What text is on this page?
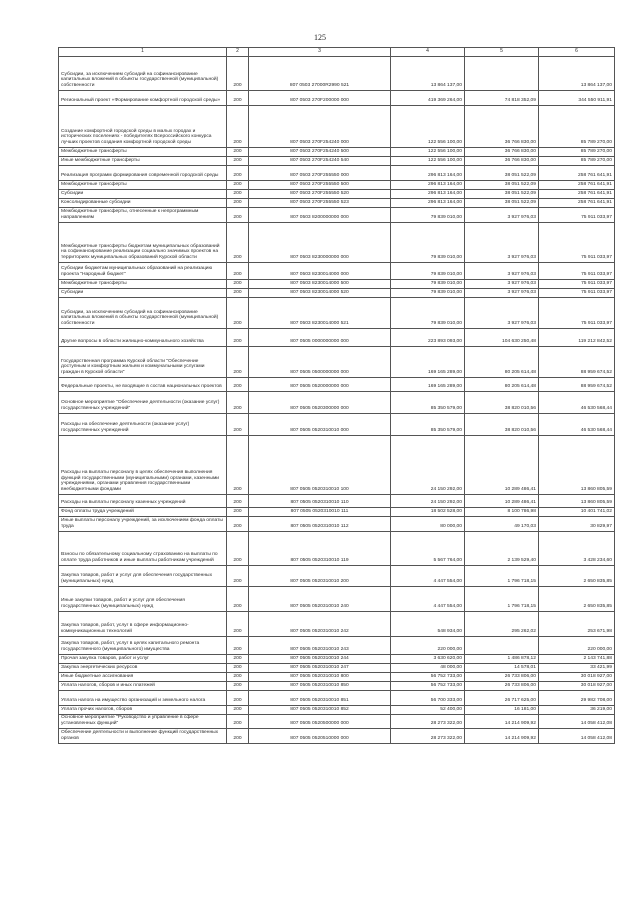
125
1	2	3	4	5	6
Субсидии, за исключением субсидий на софинансирование капитальных вложений в объекты государственной (муниципальной) собственности	200	807 0503 27000R2990 521	13 864 137,00		13 864 137,00
Региональный проект «Формирование комфортной городской среды»	200	807 0503 270F200000 000	419 369 264,00	74 818 352,09	344 550 911,91
Создание комфортной городской среды в малых городах и исторических поселениях - победителях Всероссийского конкурса лучших проектов создания комфортной городской среды	200	807 0503 270F254240 000	122 556 100,00	36 766 830,00	85 789 270,00
Межбюджетные трансферты	200	807 0503 270F254240 500	122 556 100,00	36 766 830,00	85 789 270,00
Иные межбюджетные трансферты	200	807 0503 270F254240 540	122 556 100,00	36 766 830,00	85 789 270,00
Реализация программ формирования современной городской среды	200	807 0503 270F255550 000	296 813 164,00	38 051 522,09	258 761 641,91
Межбюджетные трансферты	200	807 0503 270F255550 500	296 813 164,00	38 051 522,09	258 761 641,91
Субсидии	200	807 0503 270F255550 520	296 813 164,00	38 051 522,09	258 761 641,91
Консолидированные субсидии	200	807 0503 270F255550 523	296 813 164,00	38 051 522,09	258 761 641,91
Межбюджетные трансферты, отнесенные к непрограммным направлениям	200	807 0503 8200000000 000	79 839 010,00	3 927 976,03	75 911 033,97
Межбюджетные трансферты бюджетам муниципальных образований на софинансирование реализации социально значимых проектов на территориях муниципальных образований Курской области	200	807 0503 8230000000 000	79 839 010,00	3 927 976,03	75 911 033,97
Субсидии бюджетам муниципальных образований на реализацию проекта "Народный бюджет"	200	807 0503 8230014000 000	79 839 010,00	3 927 976,03	75 911 033,97
Межбюджетные трансферты	200	807 0503 8230014000 500	79 839 010,00	3 927 976,03	75 911 033,97
Субсидии	200	807 0503 8230014000 520	79 839 010,00	3 927 976,03	75 911 033,97
Субсидии, за исключением субсидий на софинансирование капитальных вложений в объекты государственной (муниципальной) собственности	200	807 0503 8230014000 521	79 839 010,00	3 927 976,03	75 911 033,97
Другие вопросы в области жилищно-коммунального хозяйства	200	807 0505 0000000000 000	223 893 093,00	104 630 250,48	119 212 842,52
Государственная программа Курской области "Обеспечение доступным и комфортным жильем и коммунальными услугами граждан в Курской области"	200	807 0505 0500000000 000	169 165 289,00	80 205 614,48	88 959 674,52
Федеральные проекты, не входящие в состав национальных проектов	200	807 0505 0520000000 000	169 165 289,00	80 205 614,48	88 959 674,52
Основное мероприятие "Обеспечение деятельности (оказание услуг) государственных учреждений"	200	807 0505 0520300000 000	85 350 579,00	38 820 010,56	46 530 568,44
Расходы на обеспечение деятельности (оказание услуг) государственных учреждений	200	807 0505 0520310010 000	85 350 579,00	38 820 010,56	46 530 568,44
Расходы на выплаты персоналу в целях обеспечения выполнения функций государственными (муниципальными) органами, казенными учреждениями, органами управления государственными внебюджетными фондами	200	807 0505 0520310010 100	24 150 292,00	10 289 486,41	13 860 805,59
Расходы на выплаты персоналу казенных учреждений	200	807 0505 0520310010 110	24 150 292,00	10 289 486,41	13 860 805,59
Фонд оплаты труда учреждений	200	807 0505 0520310010 111	18 502 528,00	8 100 786,98	10 401 741,02
Иные выплаты персоналу учреждений, за исключением фонда оплаты труда	200	807 0505 0520310010 112	80 000,00	49 170,03	30 829,97
Взносы по обязательному социальному страхованию на выплаты по оплате труда работников и иные выплаты работникам учреждений	200	807 0505 0520310010 119	5 567 764,00	2 139 529,40	3 428 234,60
Закупка товаров, работ и услуг для обеспечения государственных (муниципальных) нужд	200	807 0505 0520310010 200	4 447 554,00	1 796 718,15	2 650 835,85
Иные закупки товаров, работ и услуг для обеспечения государственных (муниципальных) нужд	200	807 0505 0520310010 240	4 447 554,00	1 796 718,15	2 650 835,85
Закупка товаров, работ, услуг в сфере информационно-коммуникационных технологий	200	807 0505 0520310010 242	548 934,00	295 262,02	253 671,98
Закупка товаров, работ, услуг в целях капитального ремонта государственного (муниципального) имущества	200	807 0505 0520310010 243	220 000,00		220 000,00
Прочая закупка товаров, работ и услуг	200	807 0505 0520310010 244	3 630 620,00	1 486 878,12	2 143 741,88
Закупка энергетических ресурсов	200	807 0505 0520310010 247	48 000,00	14 578,01	33 421,99
Иные бюджетные ассигнования	200	807 0505 0520310010 800	56 752 733,00	26 733 806,00	30 018 927,00
Уплата налогов, сборов и иных платежей	200	807 0505 0520310010 850	56 752 733,00	26 733 806,00	30 018 927,00
Уплата налога на имущество организаций и земельного налога	200	807 0505 0520310010 851	56 700 333,00	26 717 625,00	29 982 708,00
Уплата прочих налогов, сборов	200	807 0505 0520310010 852	52 400,00	16 181,00	36 219,00
Основное мероприятие "Руководство и управление в сфере установленных функций"	200	807 0505 0520500000 000	28 273 322,00	14 214 909,92	14 058 412,08
Обеспечение деятельности и выполнение функций государственных органов	200	807 0505 0520510000 000	28 273 322,00	14 214 909,92	14 058 412,08
